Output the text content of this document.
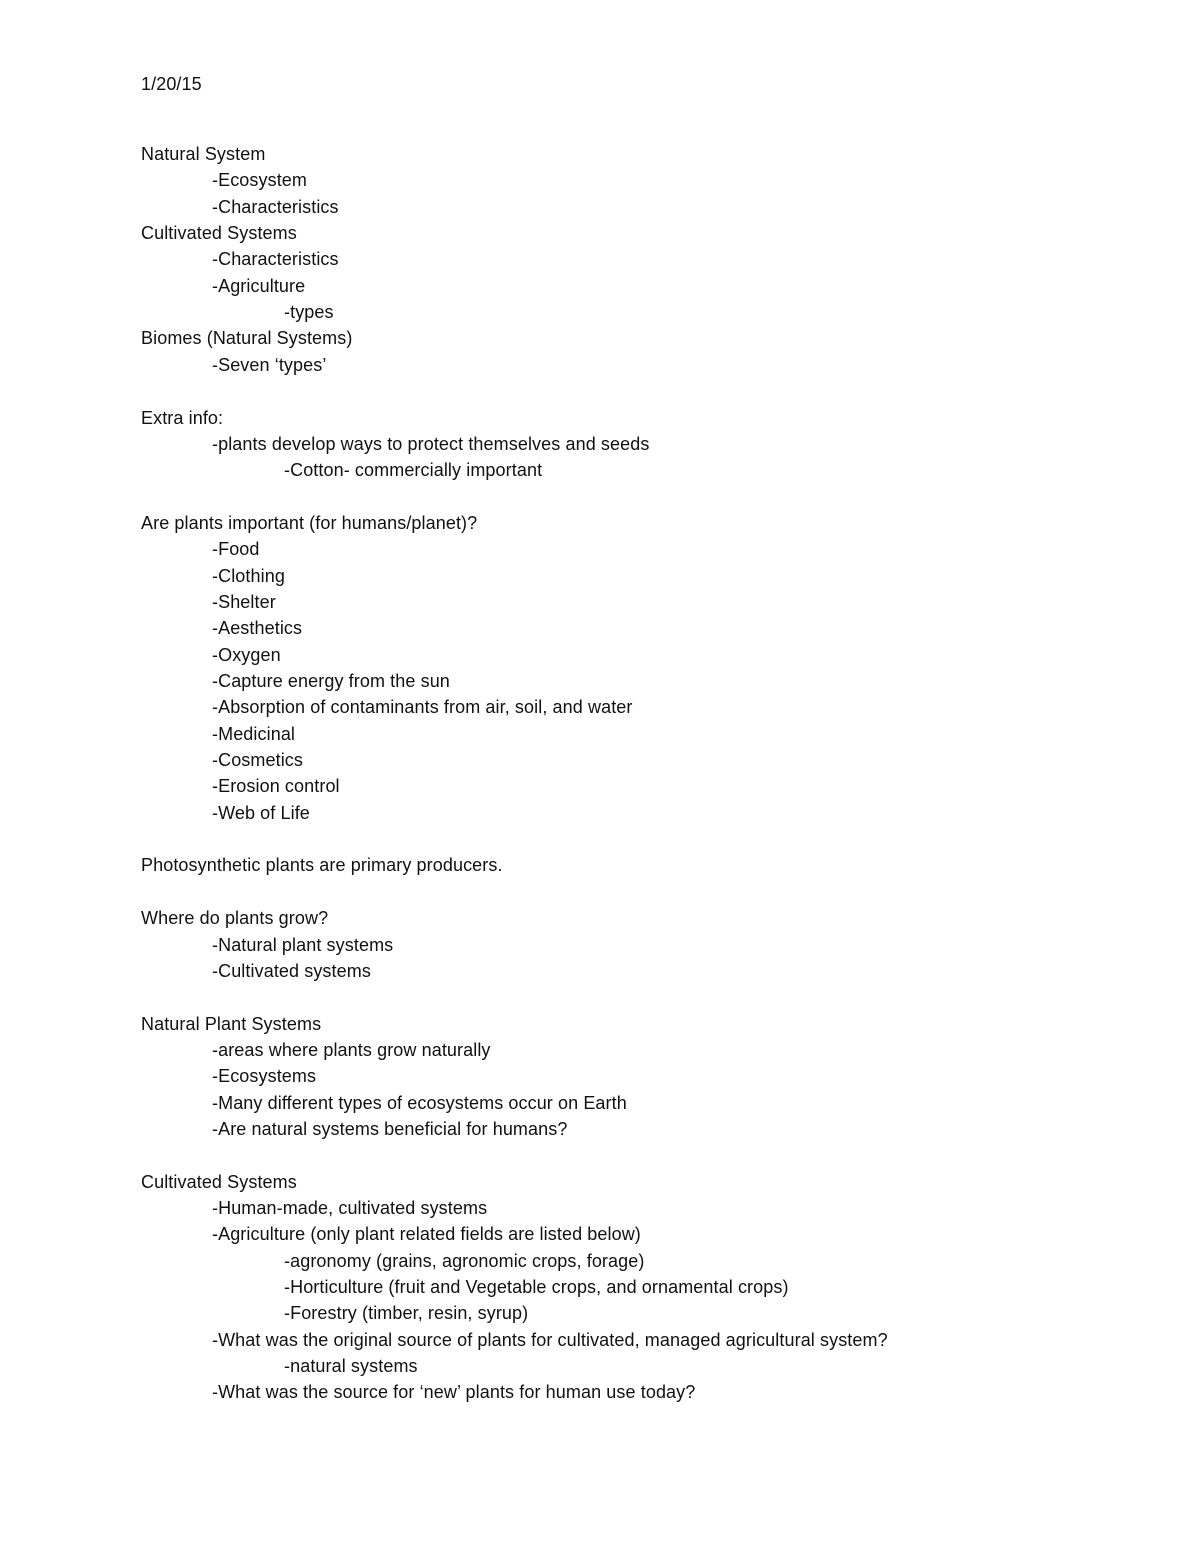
1/20/15
Natural System
-Ecosystem
-Characteristics
Cultivated Systems
-Characteristics
-Agriculture
-types
Biomes (Natural Systems)
-Seven ‘types’
Extra info:
-plants develop ways to protect themselves and seeds
-Cotton- commercially important
Are plants important (for humans/planet)?
-Food
-Clothing
-Shelter
-Aesthetics
-Oxygen
-Capture energy from the sun
-Absorption of contaminants from air, soil, and water
-Medicinal
-Cosmetics
-Erosion control
-Web of Life
Photosynthetic plants are primary producers.
Where do plants grow?
-Natural plant systems
-Cultivated systems
Natural Plant Systems
-areas where plants grow naturally
-Ecosystems
-Many different types of ecosystems occur on Earth
-Are natural systems beneficial for humans?
Cultivated Systems
-Human-made, cultivated systems
-Agriculture (only plant related fields are listed below)
-agronomy (grains, agronomic crops, forage)
-Horticulture (fruit and Vegetable crops, and ornamental crops)
-Forestry (timber, resin, syrup)
-What was the original source of plants for cultivated, managed agricultural system?
-natural systems
-What was the source for ‘new’ plants for human use today?
